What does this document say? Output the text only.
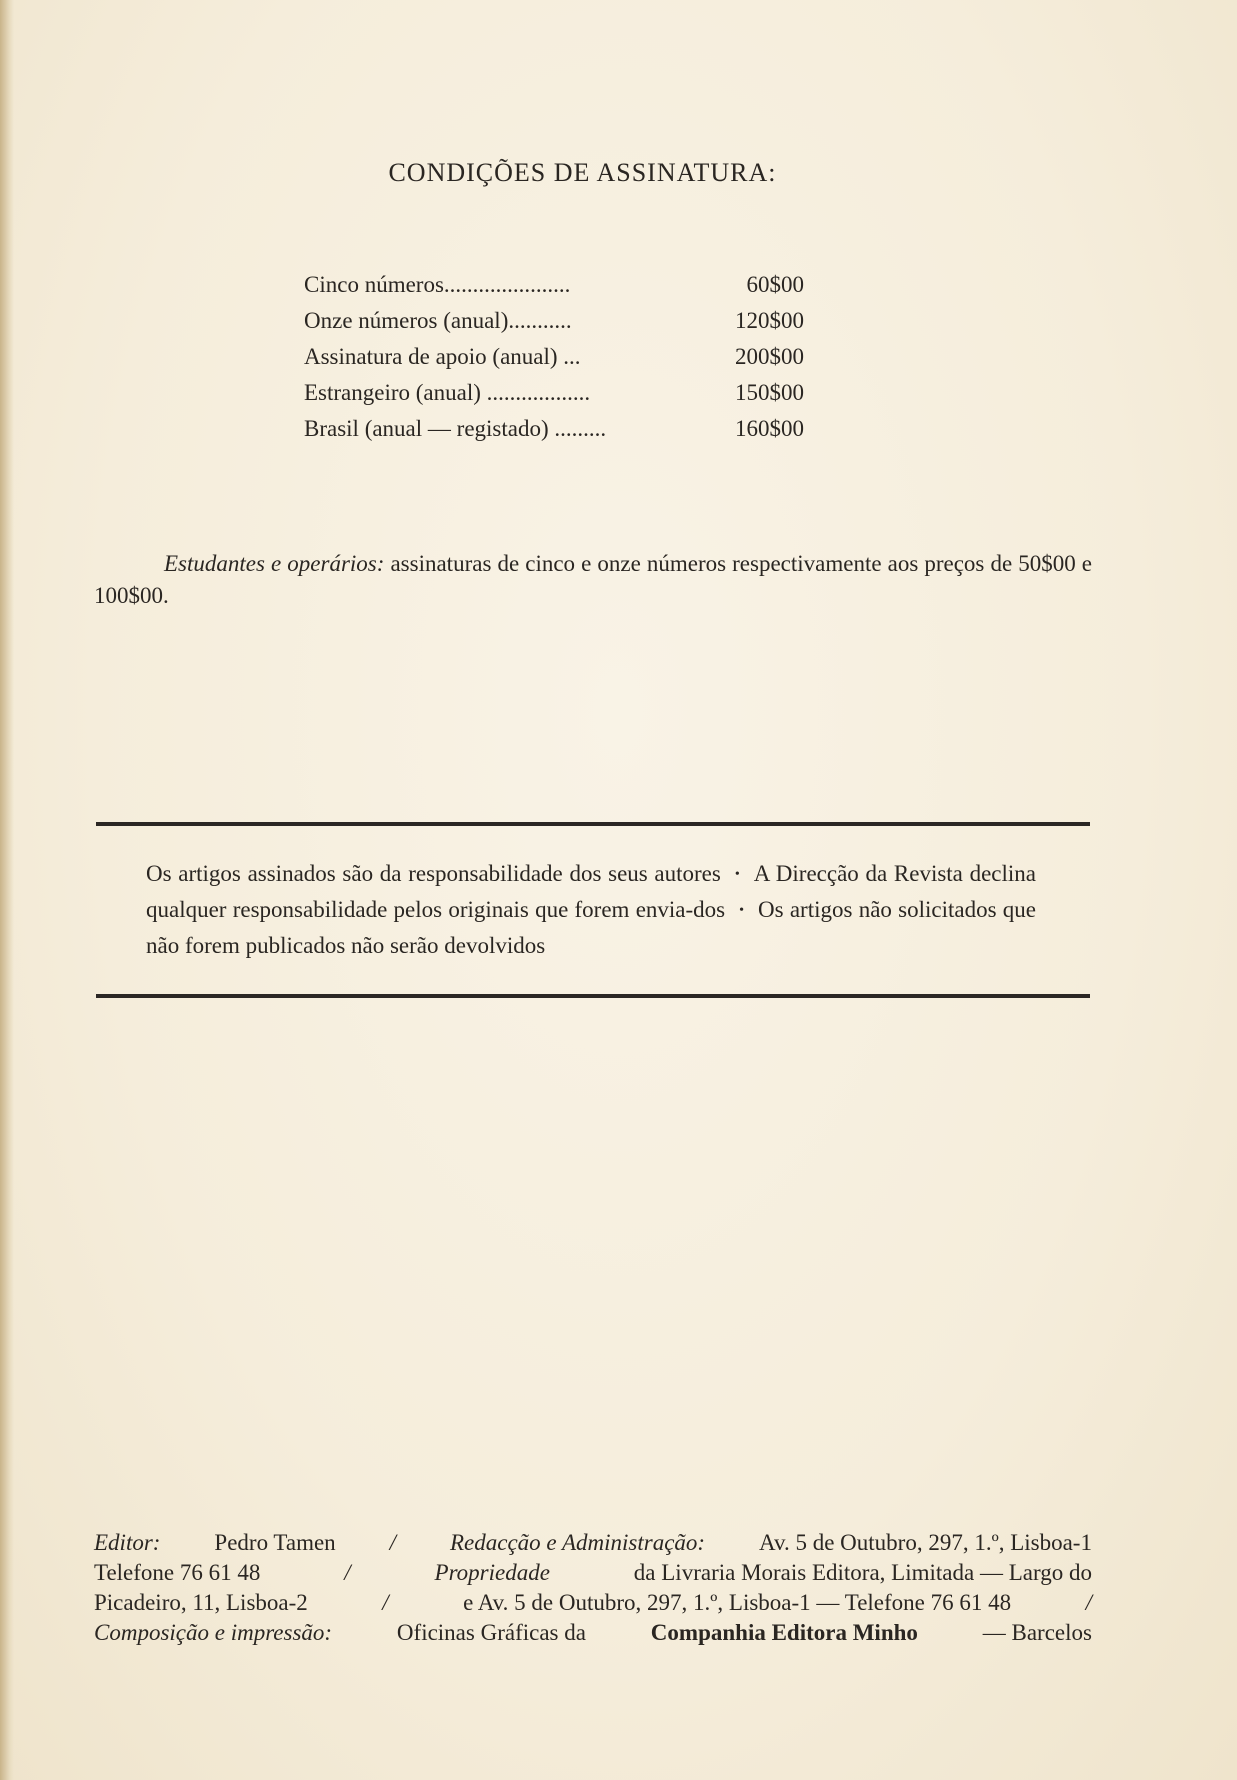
CONDIÇÕES DE ASSINATURA:
Cinco números......................	60$00
Onze números (anual)...........	120$00
Assinatura de apoio (anual) ...	200$00
Estrangeiro (anual) ..................	150$00
Brasil (anual — registado) .........	160$00
Estudantes e operários: assinaturas de cinco e onze números respectivamente aos preços de 50$00 e 100$00.
Os artigos assinados são da responsabilidade dos seus autores • A Direcção da Revista declina qualquer responsabilidade pelos originais que forem envia-dos • Os artigos não solicitados que não forem publicados não serão devolvidos
Editor: Pedro Tamen / Redacção e Administração: Av. 5 de Outubro, 297, 1.º, Lisboa-1
Telefone 76 61 48	/	Propriedade	da Livraria Morais Editora, Limitada — Largo do
Picadeiro, 11, Lisboa-2	/	e Av. 5 de Outubro, 297, 1.º, Lisboa-1 — Telefone 76 61 48	/
Composição e impressão:	Oficinas Gráficas da	Companhia Editora Minho	— Barcelos
